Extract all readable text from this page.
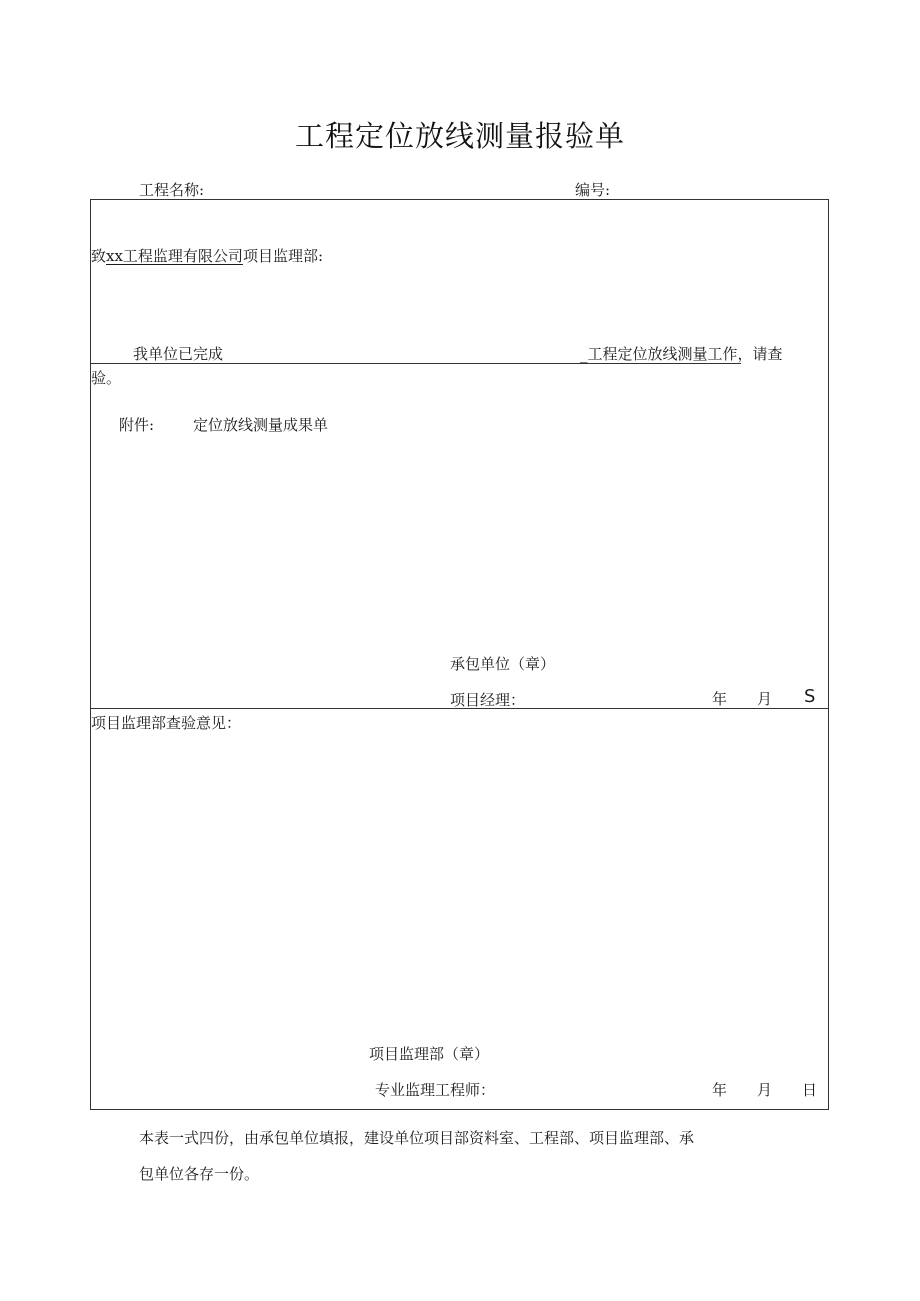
工程定位放线测量报验单
工程名称:	编号:
致xx工程监理有限公司项目监理部:
我单位已完成	_工程定位放线测量工作，请查
验。
附件:	定位放线测量成果单
承包单位（章）
项目经理：	年 月 S
项目监理部查验意见：
项目监理部（章）
专业监理工程师：	年 月 日
本表一式四份，由承包单位填报，建设单位项目部资料室、工程部、项目监理部、承
包单位各存一份。
